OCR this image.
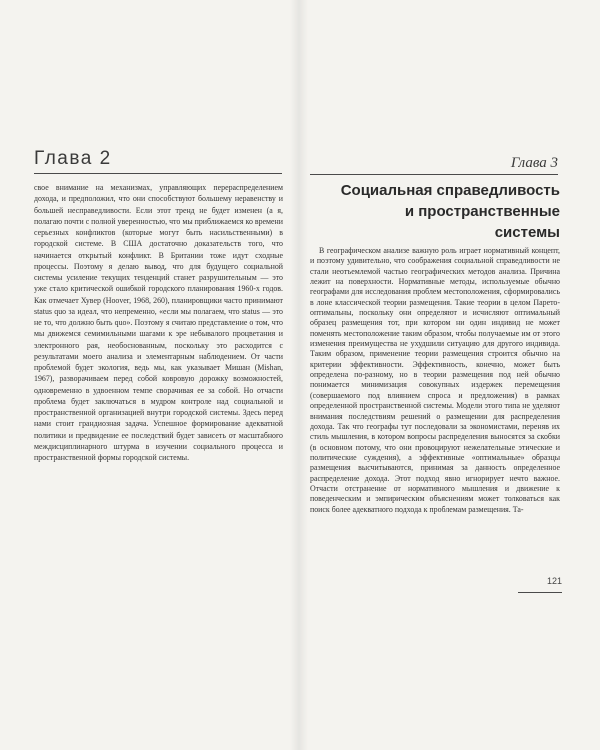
Глава 2

свое внимание на механизмах, управляющих перераспределением дохода, и предположил, что они способствуют большему неравенству и большей несправедливости. Если этот тренд не будет изменен (а я, полагаю почти с полной уверенностью, что мы приближаемся ко времени серьезных конфликтов (которые могут быть насильственными) в городской системе. В США достаточно доказательств того, что начинается открытый конфликт. В Британии тоже идут сходные процессы. Поэтому я делаю вывод, что для будущего социальной системы усиление текущих тенденций станет разрушительным — это уже стало критической ошибкой городского планирования 1960-х годов. Как отмечает Хувер (Hoover, 1968, 260), планировщики часто принимают status quo за идеал, что непременно, «если мы полагаем, что status — это не то, что должно быть quo». Поэтому я считаю представление о том, что мы движемся семимильными шагами к эре небывалого процветания и электронного рая, необоснованным, поскольку это расходится с результатами моего анализа и элементарным наблюдением. От части проблемой будет экология, ведь мы, как указывает Мишан (Mishan, 1967), разворачиваем перед собой ковровую дорожку возможностей, одновременно в удвоенном темпе сворачивая ее за собой. Но отчасти проблема будет заключаться в мудром контроле над социальной и пространственной организацией внутри городской системы. Здесь перед нами стоит грандиозная задача. Успешное формирование адекватной политики и предвидение ее последствий будет зависеть от масштабного междисциплинарного штурма в изучении социального процесса и пространственной формы городской системы.

Глава 3
Социальная справедливость
и пространственные
системы

В географическом анализе важную роль играет нормативный концепт, и поэтому удивительно, что соображения социальной справедливости не стали неотъемлемой частью географических методов анализа. Причина лежит на поверхности. Нормативные методы, используемые обычно географами для исследования проблем местоположения, сформировались в лоне классической теории размещения. Такие теории в целом Парето-оптимальны, поскольку они определяют и исчисляют оптимальный образец размещения тот, при котором ни один индивид не может поменять местоположение таким образом, чтобы получаемые им от этого изменения преимущества не ухудшили ситуацию для другого индивида. Таким образом, применение теории размещения строится обычно на критерии эффективности. Эффективность, конечно, может быть определена по-разному, но в теории размещения под ней обычно понимается минимизация совокупных издержек перемещения (совершаемого под влиянием спроса и предложения) в рамках определенной пространственной системы. Модели этого типа не уделяют внимания последствиям решений о размещении для распределения дохода. Так что географы тут последовали за экономистами, переняв их стиль мышления, в котором вопросы распределения выносятся за скобки (в основном потому, что они провоцируют нежелательные этические и политические суждения), а эффективные «оптимальные» образцы размещения высчитываются, принимая за данность определенное распределение дохода. Этот подход явно игнорирует нечто важное. Отчасти отстранение от нормативного мышления и движение к поведенческим и эмпирическим объяснениям может толковаться как поиск более адекватного подхода к проблемам размещения. Та-

121
